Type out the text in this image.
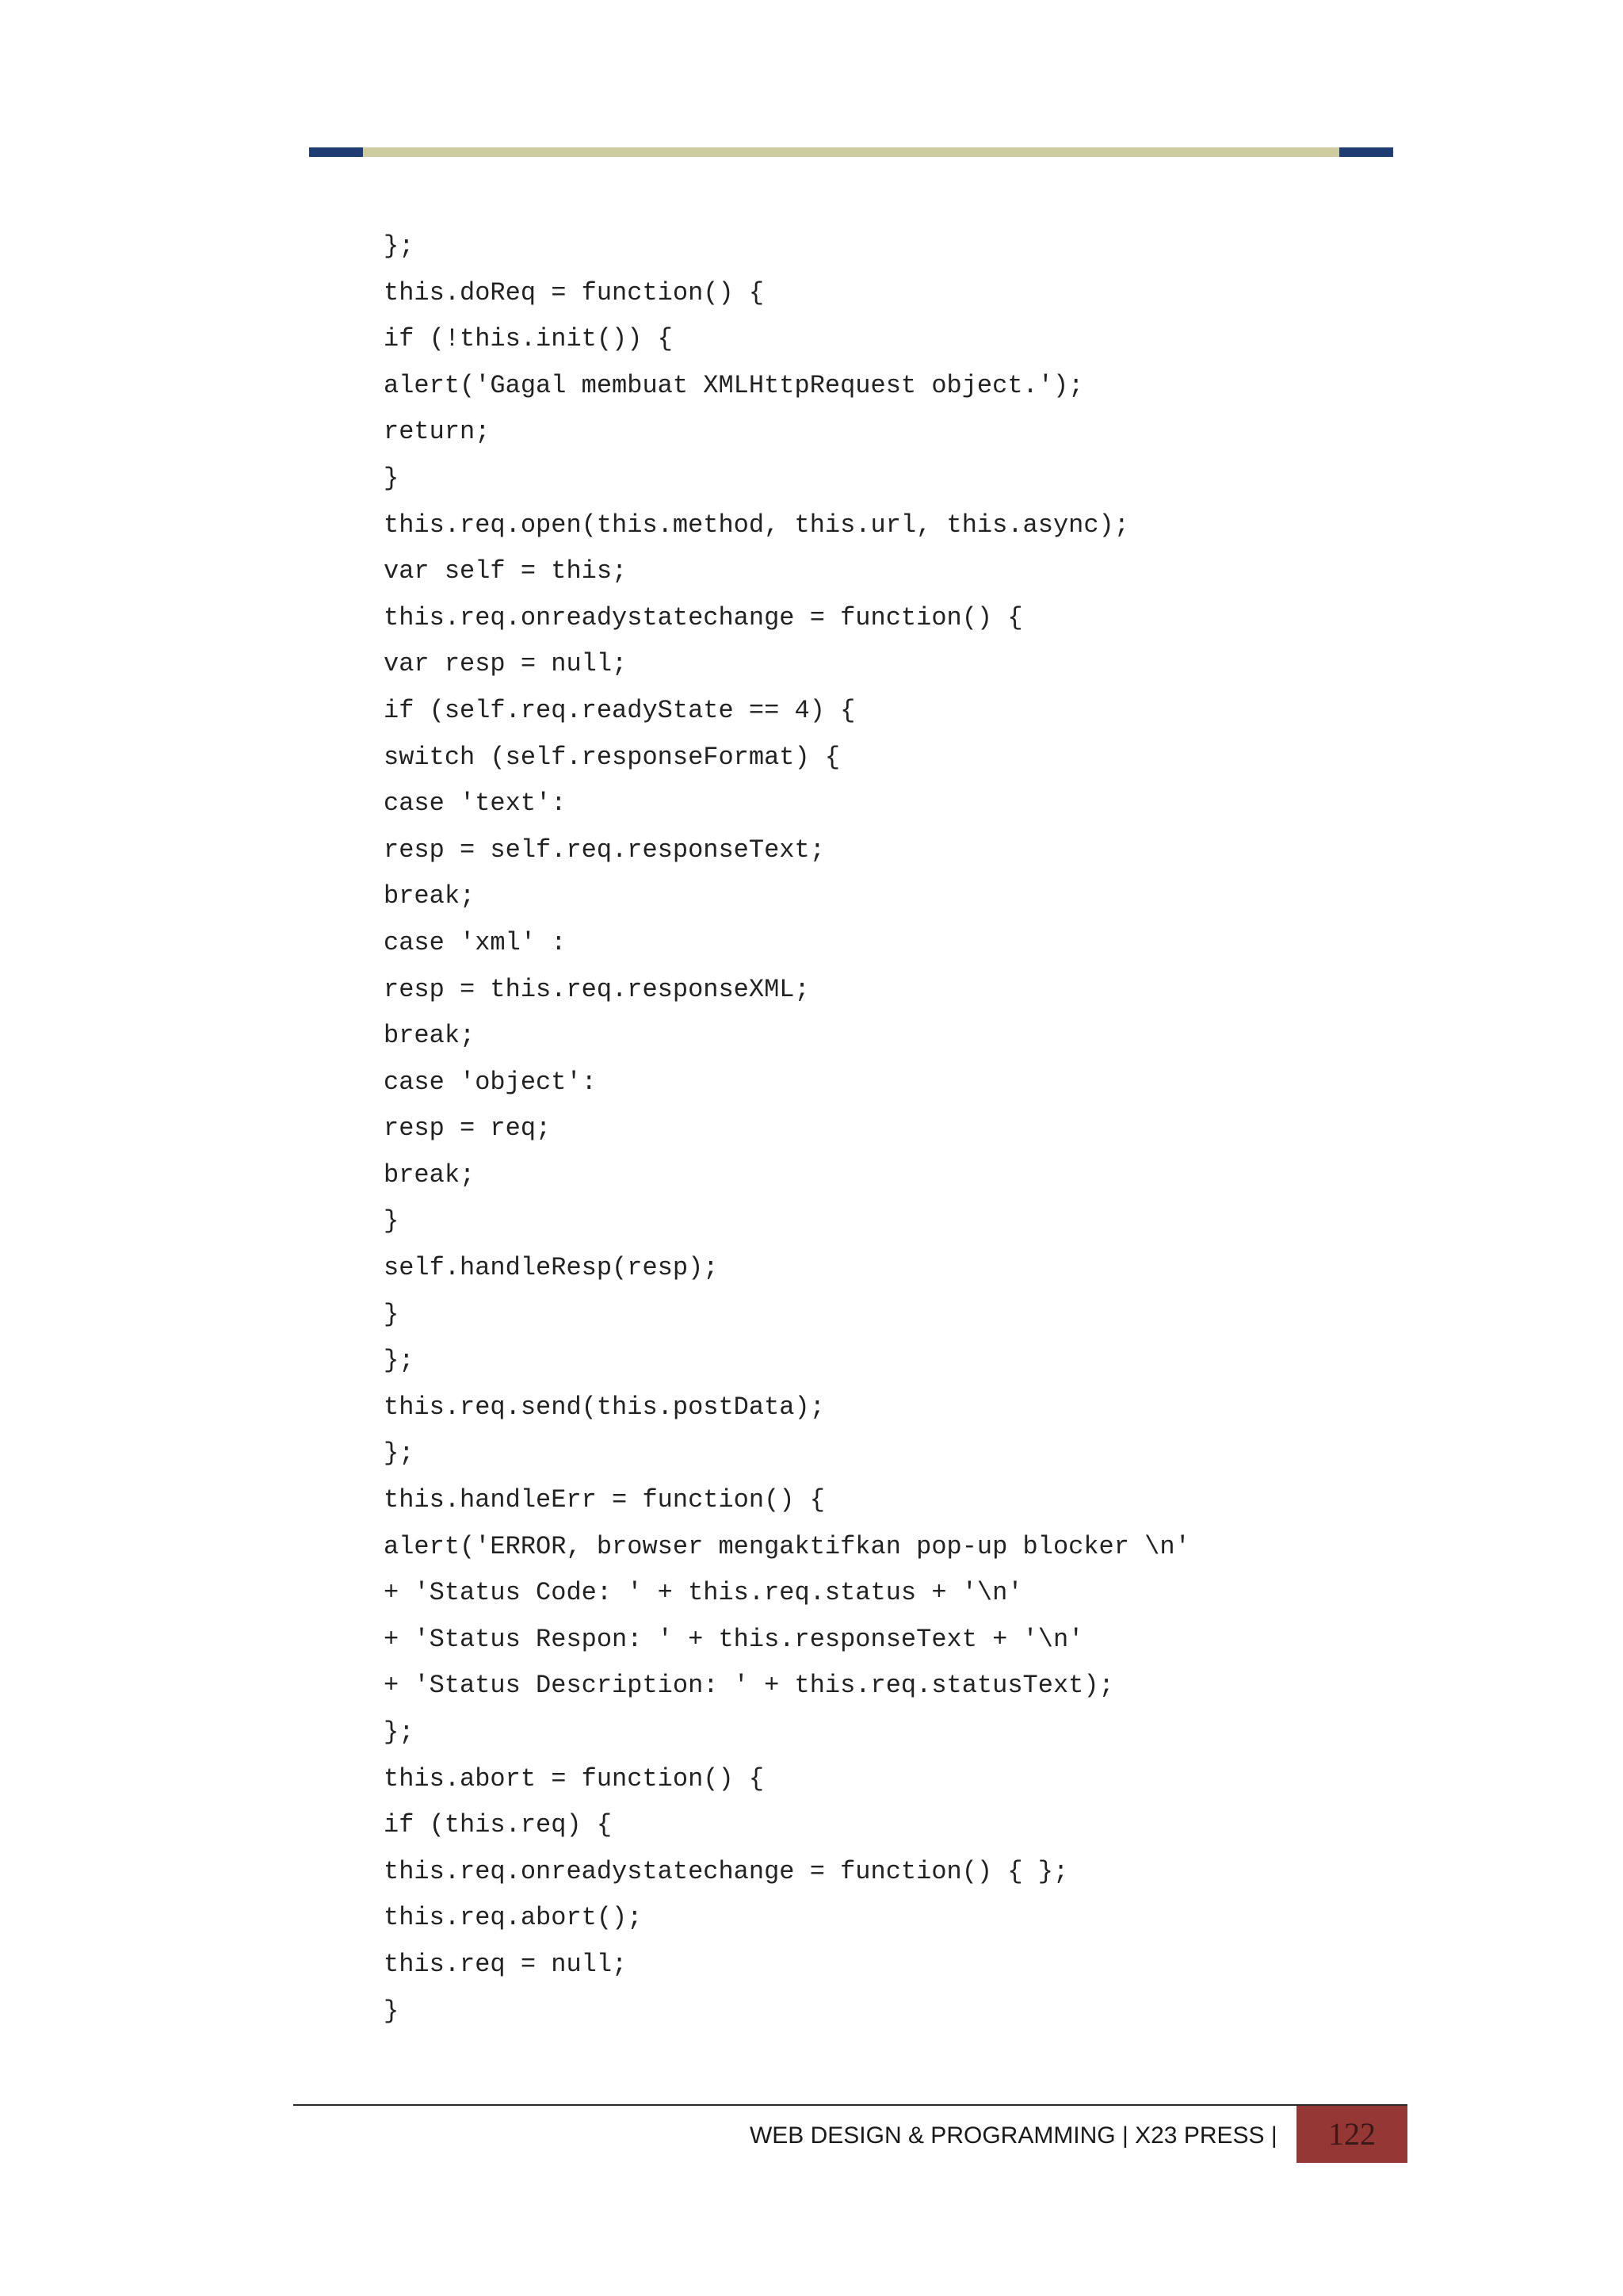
};
this.doReq = function() {
if (!this.init()) {
alert('Gagal membuat XMLHttpRequest object.');
return;
}
this.req.open(this.method, this.url, this.async);
var self = this;
this.req.onreadystatechange = function() {
var resp = null;
if (self.req.readyState == 4) {
switch (self.responseFormat) {
case 'text':
resp = self.req.responseText;
break;
case 'xml' :
resp = this.req.responseXML;
break;
case 'object':
resp = req;
break;
}
self.handleResp(resp);
}
};
this.req.send(this.postData);
};
this.handleErr = function() {
alert('ERROR, browser mengaktifkan pop-up blocker \n'
+ 'Status Code: ' + this.req.status + '\n'
+ 'Status Respon: ' + this.responseText + '\n'
+ 'Status Description: ' + this.req.statusText);
};
this.abort = function() {
if (this.req) {
this.req.onreadystatechange = function() { };
this.req.abort();
this.req = null;
}
WEB DESIGN & PROGRAMMING | X23 PRESS |	122
